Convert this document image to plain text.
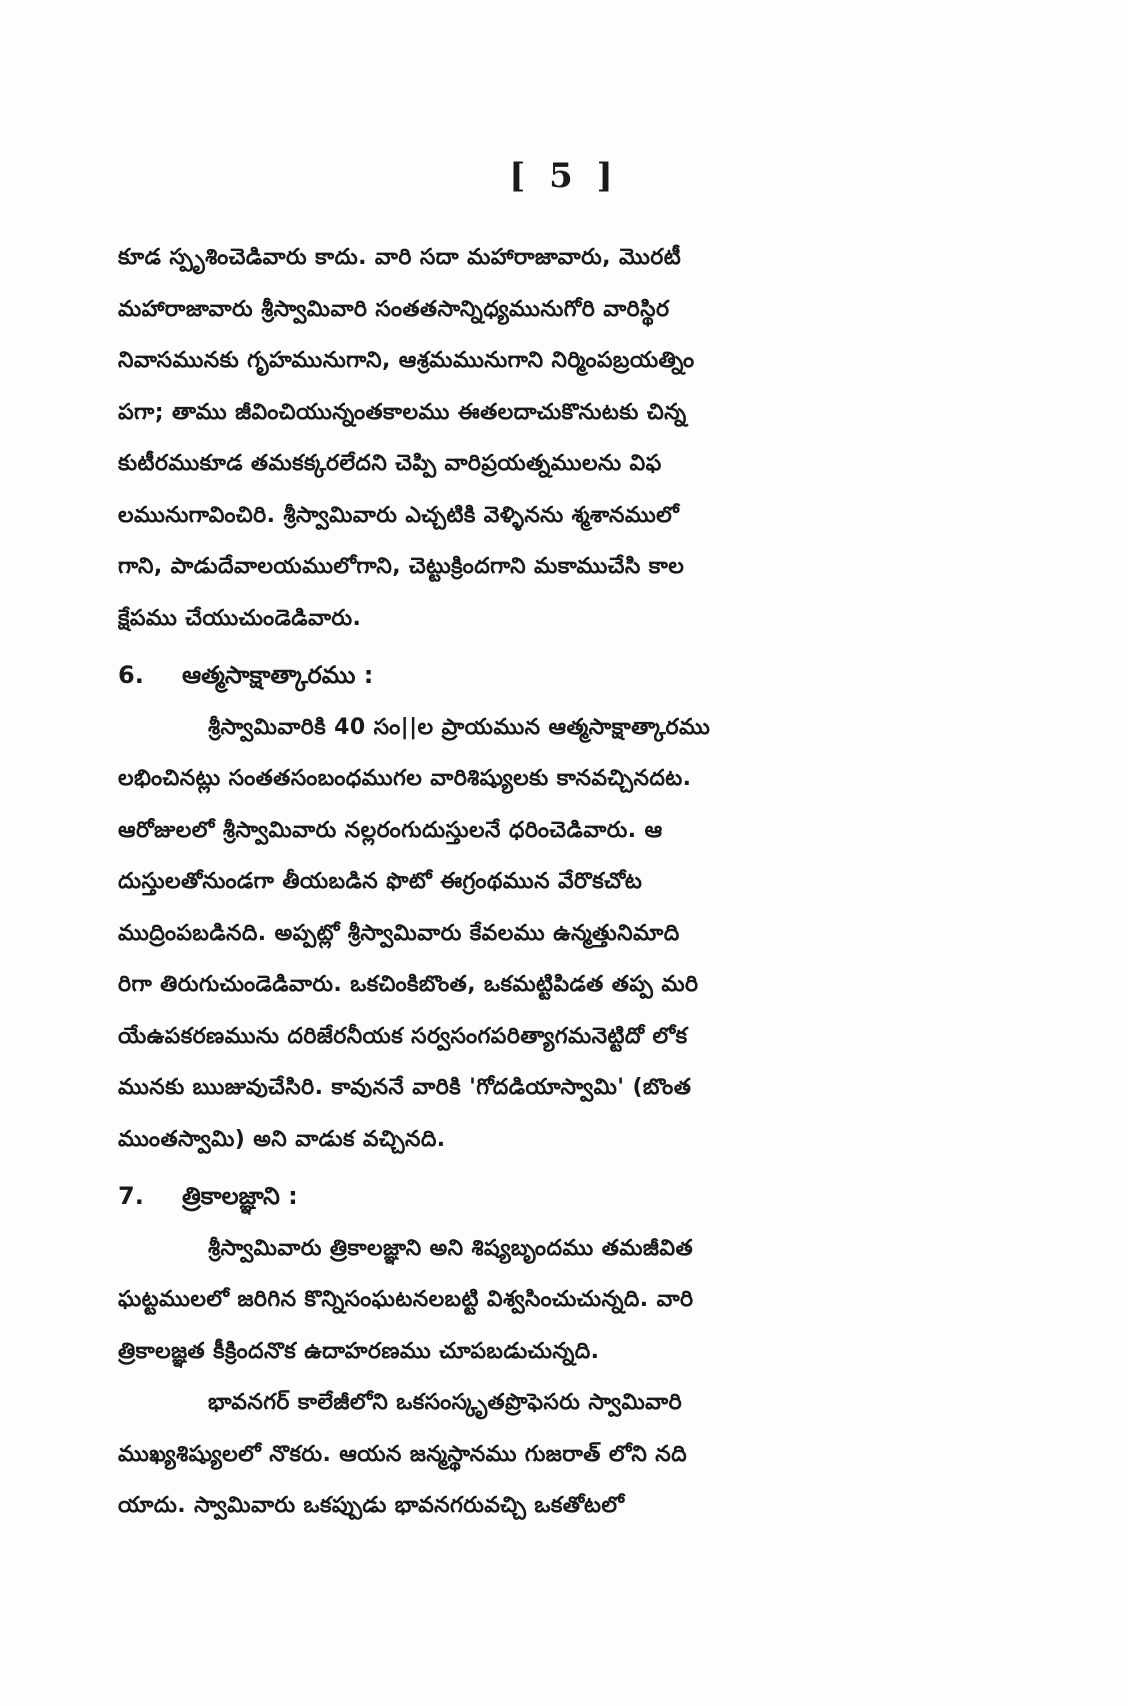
[ 5 ]
కూడ స్పృశించెడివారు కాదు. వారి సదా మహారాజావారు, మొరటీ
మహారాజావారు శ్రీస్వామివారి సంతతసాన్నిధ్యమునుగోరి వారిస్థిర
నివాసమునకు గృహమునుగాని, ఆశ్రమమునుగాని నిర్మింపబ్రయత్నిం
పగా; తాము జీవించియున్నంతకాలము ఈతలదాచుకొనుటకు చిన్న
కుటీరముకూడ తమకక్కరలేదని చెప్పి వారిప్రయత్నములను విఫ
లమునుగావించిరి. శ్రీస్వామివారు ఎచ్చటికి వెళ్ళినను శ్మశానములో
గాని, పాడుదేవాలయములోగాని, చెట్టుక్రిందగాని మకాముచేసి కాల
క్షేపము చేయుచుండెడివారు.
6. ఆత్మసాక్షాత్కారము :
శ్రీస్వామివారికి 40 సం||ల ప్రాయమున ఆత్మసాక్షాత్కారము
లభించినట్లు సంతతసంబంధముగల వారిశిష్యులకు కానవచ్చినదట.
ఆరోజులలో శ్రీస్వామివారు నల్లరంగుదుస్తులనే ధరించెడివారు. ఆ
దుస్తులతోనుండగా తీయబడిన ఫొటో ఈగ్రంథమున వేరొకచోట
ముద్రింపబడినది. అప్పట్లో శ్రీస్వామివారు కేవలము ఉన్మత్తునిమాది
రిగా తిరుగుచుండెడివారు. ఒకచింకిబొంత, ఒకమట్టిపిడత తప్ప మరి
యేఉపకరణమును దరిజేరనీయక సర్వసంగపరిత్యాగమనెట్టిదో లోక
మునకు ఋజువుచేసిరి. కావుననే వారికి 'గోదడియాస్వామి' (బొంత
ముంతస్వామి) అని వాడుక వచ్చినది.
7. త్రికాలజ్ఞాని :
శ్రీస్వామివారు త్రికాలజ్ఞాని అని శిష్యబృందము తమజీవిత
ఘట్టములలో జరిగిన కొన్నిసంఘటనలబట్టి విశ్వసించుచున్నది. వారి
త్రికాలజ్ఞత కీక్రిందనొక ఉదాహరణము చూపబడుచున్నది.
భావనగర్ కాలేజీలోని ఒకసంస్కృతప్రొఫెసరు స్వామివారి
ముఖ్యశిష్యులలో నొకరు. ఆయన జన్మస్థానము గుజరాత్ లోని నది
యాదు. స్వామివారు ఒకప్పుడు భావనగరువచ్చి ఒకతోటలో
